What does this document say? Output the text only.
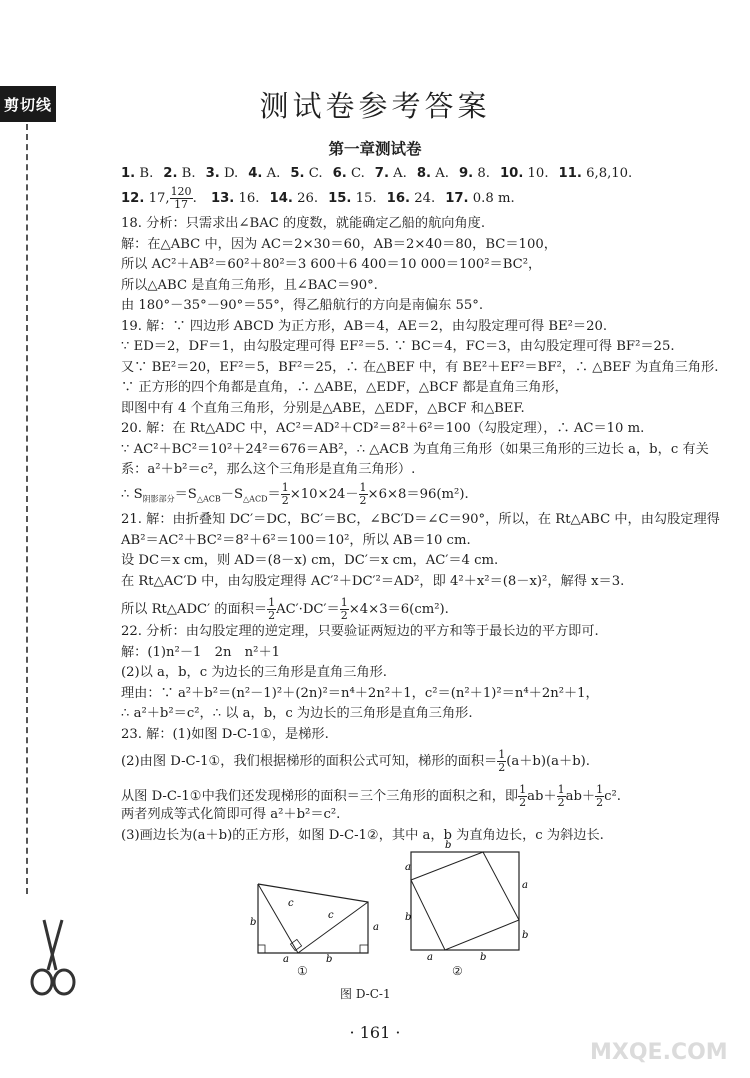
剪切线	测试卷参考答案
第一章测试卷
1. B. 2. B. 3. D. 4. A. 5. C. 6. C. 7. A. 8. A. 9. 8. 10. 10. 11. 6,8,10.
12. 17, $\frac{120}{17}$ . 13. 16. 14. 26. 15. 15. 16. 24. 17. 0.8 m.
18. 分析：只需求出∠BAC 的度数，就能确定乙船的航向角度.
解：在△ABC 中，因为 AC＝2×30＝60，AB＝2×40＝80，BC＝100，
所以 AC²＋AB²＝60²＋80²＝3 600＋6 400＝10 000＝100²＝BC²，
所以△ABC 是直角三角形，且∠BAC＝90°.
由 180°－35°－90°＝55°，得乙船航行的方向是南偏东 55°.
19. 解：∵ 四边形 ABCD 为正方形，AB＝4，AE＝2，由勾股定理可得 BE²＝20.
∵ ED＝2，DF＝1，由勾股定理可得 EF²＝5. ∵ BC＝4，FC＝3，由勾股定理可得 BF²＝25.
又∵ BE²＝20，EF²＝5，BF²＝25，∴ 在△BEF 中，有 BE²＋EF²＝BF²，∴ △BEF 为直角三角形.
∵ 正方形的四个角都是直角，∴ △ABE，△EDF，△BCF 都是直角三角形，
即图中有 4 个直角三角形，分别是△ABE，△EDF，△BCF 和△BEF.
20. 解：在 Rt△ADC 中，AC²＝AD²＋CD²＝8²＋6²＝100（勾股定理），∴ AC＝10 m.
∵ AC²＋BC²＝10²＋24²＝676＝AB²，∴ △ACB 为直角三角形（如果三角形的三边长 a，b，c 有关
系：a²＋b²＝c²，那么这个三角形是直角三角形）.
∴ $S_{阴影部分}=S_{\triangle ACB}-S_{\triangle ACD}= \frac{1}{2} \times 10\times 24- \frac{1}{2} \times 6\times 8=96(m^2)$.
21. 解：由折叠知 DC′＝DC，BC′＝BC，∠BC′D＝∠C＝90°，所以，在 Rt△ABC 中，由勾股定理得
AB²＝AC²＋BC²＝8²＋6²＝100＝10²，所以 AB＝10 cm.
设 DC＝x cm，则 AD＝(8－x) cm，DC′＝x cm，AC′＝4 cm.
在 Rt△AC′D 中，由勾股定理得 AC′²＋DC′²＝AD²，即 4²＋x²＝(8－x)²，解得 x＝3.
所以 Rt△ADC′ 的面积＝ $\frac{1}{2} AC'\cdot DC'= \frac{1}{2} \times 4\times 3=6(cm^2)$.
22. 分析：由勾股定理的逆定理，只要验证两短边的平方和等于最长边的平方即可.
解：(1)n²－1　2n　n²＋1
(2)以 a，b，c 为边长的三角形是直角三角形.
理由：∵ a²＋b²＝(n²－1)²＋(2n)²＝n⁴＋2n²＋1，c²＝(n²＋1)²＝n⁴＋2n²＋1，
∴ a²＋b²＝c²，∴ 以 a，b，c 为边长的三角形是直角三角形.
23. 解：(1)如图 D-C-1①，是梯形.
(2)由图 D-C-1①，我们根据梯形的面积公式可知，梯形的面积＝ $\frac{1}{2} (a+b)(a+b)$.
从图 D-C-1①中我们还发现梯形的面积＝三个三角形的面积之和，即 $\frac{1}{2} ab+ \frac{1}{2} ab+ \frac{1}{2} c^2$.
两者列成等式化简即可得 a²＋b²＝c².
(3)画边长为(a＋b)的正方形，如图 D-C-1②，其中 a，b 为直角边长，c 为斜边长.
b
c
c
a	b
a
①
b
a
b
a
b
a	b
②
图 D-C-1
· 161 ·
MXQE.COM
